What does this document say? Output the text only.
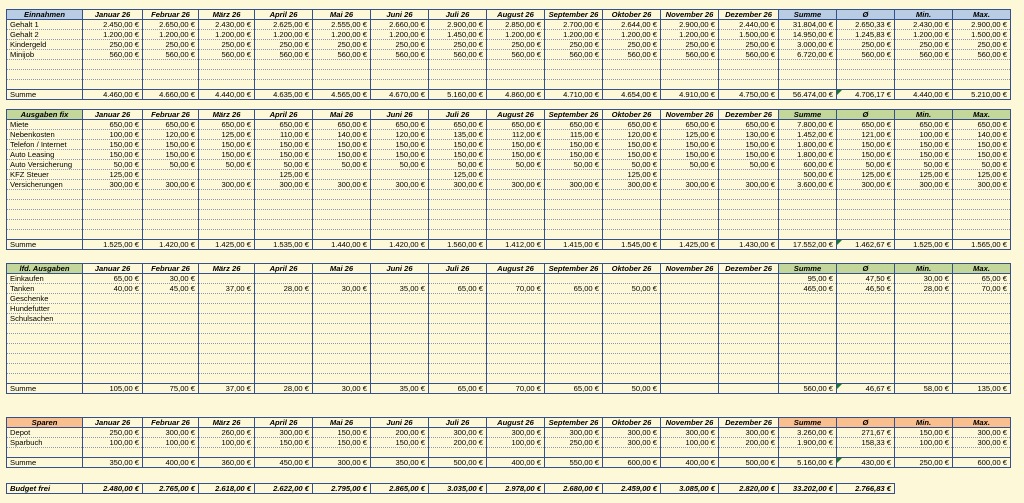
Einnahmen	Januar 26	Februar 26	März 26	April 26	Mai 26	Juni 26	Juli 26	August 26	September 26	Oktober 26	November 26	Dezember 26	Summe	Ø	Min.	Max.
Gehalt 1	2.450,00 €	2.650,00 €	2.430,00 €	2.625,00 €	2.555,00 €	2.660,00 €	2.900,00 €	2.850,00 €	2.700,00 €	2.644,00 €	2.900,00 €	2.440,00 €	31.804,00 €	2.650,33 €	2.430,00 €	2.900,00 €
Gehalt 2	1.200,00 €	1.200,00 €	1.200,00 €	1.200,00 €	1.200,00 €	1.200,00 €	1.450,00 €	1.200,00 €	1.200,00 €	1.200,00 €	1.200,00 €	1.500,00 €	14.950,00 €	1.245,83 €	1.200,00 €	1.500,00 €
Kindergeld	250,00 €	250,00 €	250,00 €	250,00 €	250,00 €	250,00 €	250,00 €	250,00 €	250,00 €	250,00 €	250,00 €	250,00 €	3.000,00 €	250,00 €	250,00 €	250,00 €
Minijob	560,00 €	560,00 €	560,00 €	560,00 €	560,00 €	560,00 €	560,00 €	560,00 €	560,00 €	560,00 €	560,00 €	560,00 €	6.720,00 €	560,00 €	560,00 €	560,00 €

Summe	4.460,00 €	4.660,00 €	4.440,00 €	4.635,00 €	4.565,00 €	4.670,00 €	5.160,00 €	4.860,00 €	4.710,00 €	4.654,00 €	4.910,00 €	4.750,00 €	56.474,00 €	4.706,17 €	4.440,00 €	5.210,00 €
Ausgaben fix	Januar 26	Februar 26	März 26	April 26	Mai 26	Juni 26	Juli 26	August 26	September 26	Oktober 26	November 26	Dezember 26	Summe	Ø	Min.	Max.
Miete	650,00 €	650,00 €	650,00 €	650,00 €	650,00 €	650,00 €	650,00 €	650,00 €	650,00 €	650,00 €	650,00 €	650,00 €	7.800,00 €	650,00 €	650,00 €	650,00 €
Nebenkosten	100,00 €	120,00 €	125,00 €	110,00 €	140,00 €	120,00 €	135,00 €	112,00 €	115,00 €	120,00 €	125,00 €	130,00 €	1.452,00 €	121,00 €	100,00 €	140,00 €
Telefon / Internet	150,00 €	150,00 €	150,00 €	150,00 €	150,00 €	150,00 €	150,00 €	150,00 €	150,00 €	150,00 €	150,00 €	150,00 €	1.800,00 €	150,00 €	150,00 €	150,00 €
Auto Leasing	150,00 €	150,00 €	150,00 €	150,00 €	150,00 €	150,00 €	150,00 €	150,00 €	150,00 €	150,00 €	150,00 €	150,00 €	1.800,00 €	150,00 €	150,00 €	150,00 €
Auto Versicherung	50,00 €	50,00 €	50,00 €	50,00 €	50,00 €	50,00 €	50,00 €	50,00 €	50,00 €	50,00 €	50,00 €	50,00 €	600,00 €	50,00 €	50,00 €	50,00 €
KFZ Steuer	125,00 €			125,00 €			125,00 €			125,00 €			500,00 €	125,00 €	125,00 €	125,00 €
Versicherungen	300,00 €	300,00 €	300,00 €	300,00 €	300,00 €	300,00 €	300,00 €	300,00 €	300,00 €	300,00 €	300,00 €	300,00 €	3.600,00 €	300,00 €	300,00 €	300,00 €

Summe	1.525,00 €	1.420,00 €	1.425,00 €	1.535,00 €	1.440,00 €	1.420,00 €	1.560,00 €	1.412,00 €	1.415,00 €	1.545,00 €	1.425,00 €	1.430,00 €	17.552,00 €	1.462,67 €	1.525,00 €	1.565,00 €
lfd. Ausgaben	Januar 26	Februar 26	März 26	April 26	Mai 26	Juni 26	Juli 26	August 26	September 26	Oktober 26	November 26	Dezember 26	Summe	Ø	Min.	Max.
Einkaufen	65,00 €	30,00 €											95,00 €	47,50 €	30,00 €	65,00 €
Tanken	40,00 €	45,00 €	37,00 €	28,00 €	30,00 €	35,00 €	65,00 €	70,00 €	65,00 €	50,00 €			465,00 €	46,50 €	28,00 €	70,00 €
Geschenke																
Hundefutter																
Schulsachen																

Summe	105,00 €	75,00 €	37,00 €	28,00 €	30,00 €	35,00 €	65,00 €	70,00 €	65,00 €	50,00 €			560,00 €	46,67 €	58,00 €	135,00 €
Sparen	Januar 26	Februar 26	März 26	April 26	Mai 26	Juni 26	Juli 26	August 26	September 26	Oktober 26	November 26	Dezember 26	Summe	Ø	Min.	Max.
Depot	250,00 €	300,00 €	260,00 €	300,00 €	150,00 €	200,00 €	300,00 €	300,00 €	300,00 €	300,00 €	300,00 €	300,00 €	3.260,00 €	271,67 €	150,00 €	300,00 €
Sparbuch	100,00 €	100,00 €	100,00 €	150,00 €	150,00 €	150,00 €	200,00 €	100,00 €	250,00 €	300,00 €	100,00 €	200,00 €	1.900,00 €	158,33 €	100,00 €	300,00 €

Summe	350,00 €	400,00 €	360,00 €	450,00 €	300,00 €	350,00 €	500,00 €	400,00 €	550,00 €	600,00 €	400,00 €	500,00 €	5.160,00 €	430,00 €	250,00 €	600,00 €
Budget frei	2.480,00 €	2.765,00 €	2.618,00 €	2.622,00 €	2.795,00 €	2.865,00 €	3.035,00 €	2.978,00 €	2.680,00 €	2.459,00 €	3.085,00 €	2.820,00 €	33.202,00 €	2.766,83 €		
